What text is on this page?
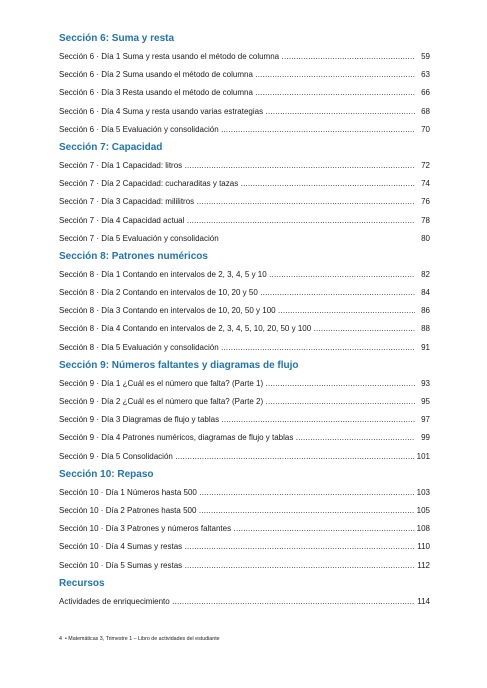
Sección 6: Suma y resta
Sección 6 · Día 1 Suma y resta usando el método de columna .....	59
Sección 6 · Día 2 Suma usando el método de columna .....	63
Sección 6 · Día 3 Resta usando el método de columna .....	66
Sección 6 · Día 4 Suma y resta usando varias estrategias .....	68
Sección 6 · Día 5 Evaluación y consolidación .....	70
Sección 7: Capacidad
Sección 7 · Día 1 Capacidad: litros .....	72
Sección 7 · Día 2 Capacidad: cucharaditas y tazas .....	74
Sección 7 · Día 3 Capacidad: mililitros .....	76
Sección 7 · Día 4 Capacidad actual .....	78
Sección 7 · Día 5 Evaluación y consolidación	80
Sección 8: Patrones numéricos
Sección 8 · Día 1 Contando en intervalos de 2, 3, 4, 5 y 10 .....	82
Sección 8 · Día 2 Contando en intervalos de 10, 20 y 50 .....	84
Sección 8 · Día 3 Contando en intervalos de 10, 20, 50 y 100 .....	86
Sección 8 · Día 4 Contando en intervalos de 2, 3, 4, 5, 10, 20, 50 y 100 .....	88
Sección 8 · Día 5 Evaluación y consolidación .....	91
Sección 9: Números faltantes y diagramas de flujo
Sección 9 · Día 1 ¿Cuál es el número que falta? (Parte 1) .....	93
Sección 9 · Día 2 ¿Cuál es el número que falta? (Parte 2) .....	95
Sección 9 · Día 3 Diagramas de flujo y tablas .....	97
Sección 9 · Día 4 Patrones numéricos, diagramas de flujo y tablas .....	99
Sección 9 · Día 5 Consolidación .....	101
Sección 10: Repaso
Sección 10 · Día 1 Números hasta 500 .....	103
Sección 10 · Día 2 Patrones hasta 500 .....	105
Sección 10 · Día 3 Patrones y números faltantes .....	108
Sección 10 · Día 4 Sumas y restas .....	110
Sección 10 · Día 5 Sumas y restas .....	112
Recursos
Actividades de enriquecimiento .....	114
4 • Matemáticas 3, Trimestre 1 – Libro de actividades del estudiante
